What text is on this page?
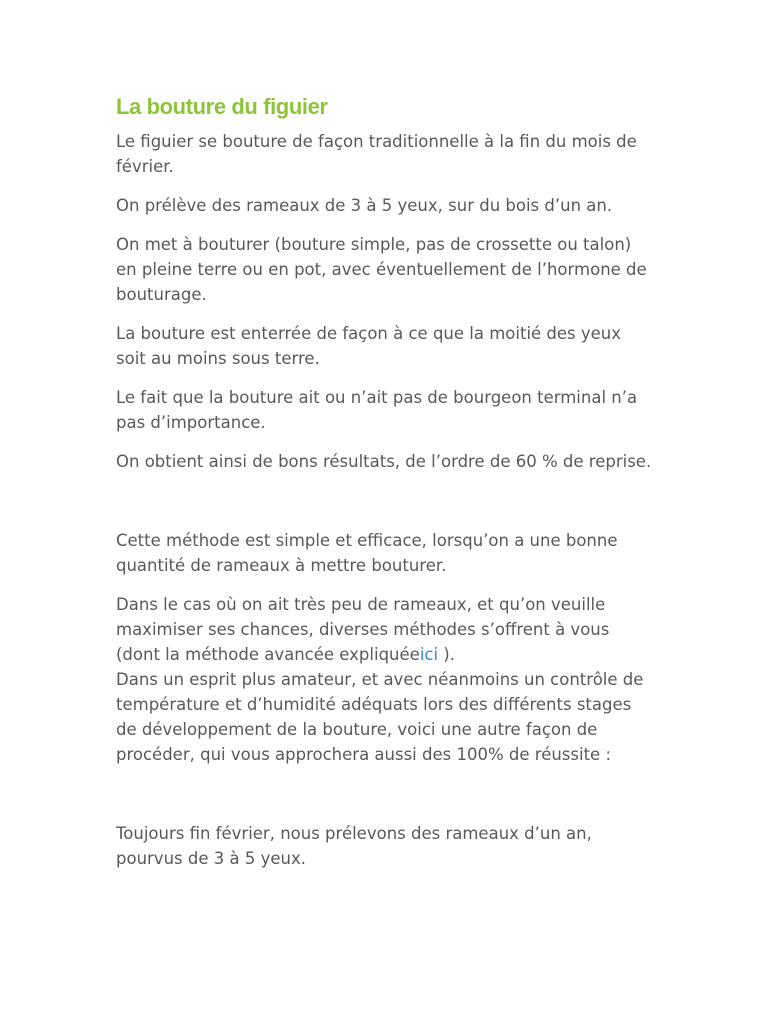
La bouture du figuier

Le figuier se bouture de façon traditionnelle à la fin du mois de février.

On prélève des rameaux de 3 à 5 yeux, sur du bois d’un an.

On met à bouturer (bouture simple, pas de crossette ou talon) en pleine terre ou en pot, avec éventuellement de l’hormone de bouturage.

La bouture est enterrée de façon à ce que la moitié des yeux soit au moins sous terre.

Le fait que la bouture ait ou n’ait pas de bourgeon terminal n’a pas d’importance.

On obtient ainsi de bons résultats, de l’ordre de 60 % de reprise.

Cette méthode est simple et efficace, lorsqu’on a une bonne quantité de rameaux à mettre bouturer.

Dans le cas où on ait très peu de rameaux, et qu’on veuille maximiser ses chances, diverses méthodes s’offrent à vous (dont la méthode avancée expliquéeici ).

Dans un esprit plus amateur, et avec néanmoins un contrôle de température et d’humidité adéquats lors des différents stages de développement de la bouture, voici une autre façon de procéder, qui vous approchera aussi des 100% de réussite :

Toujours fin février, nous prélevons des rameaux d’un an, pourvus de 3 à 5 yeux.
